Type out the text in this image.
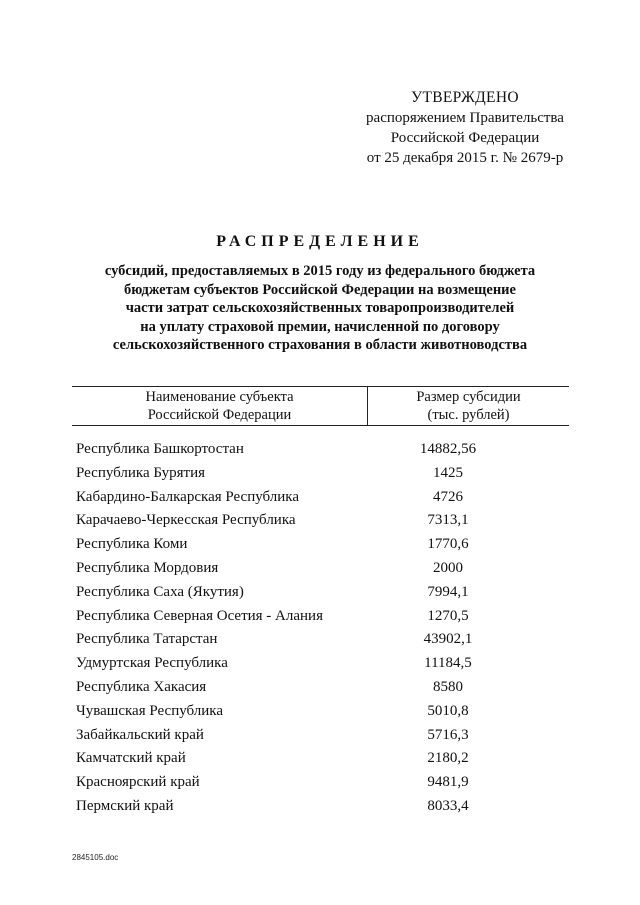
УТВЕРЖДЕНО
распоряжением Правительства
Российской Федерации
от 25 декабря 2015 г. № 2679-р
РАСПРЕДЕЛЕНИЕ
субсидий, предоставляемых в 2015 году из федерального бюджета
бюджетам субъектов Российской Федерации на возмещение
части затрат сельскохозяйственных товаропроизводителей
на уплату страховой премии, начисленной по договору
сельскохозяйственного страхования в области животноводства
Наименование субъекта
Российской Федерации
Размер субсидии
(тыс. рублей)
Республика Башкортостан	14882,56
Республика Бурятия	1425
Кабардино-Балкарская Республика	4726
Карачаево-Черкесская Республика	7313,1
Республика Коми	1770,6
Республика Мордовия	2000
Республика Саха (Якутия)	7994,1
Республика Северная Осетия - Алания	1270,5
Республика Татарстан	43902,1
Удмуртская Республика	11184,5
Республика Хакасия	8580
Чувашская Республика	5010,8
Забайкальский край	5716,3
Камчатский край	2180,2
Красноярский край	9481,9
Пермский край	8033,4
2845105.doc
